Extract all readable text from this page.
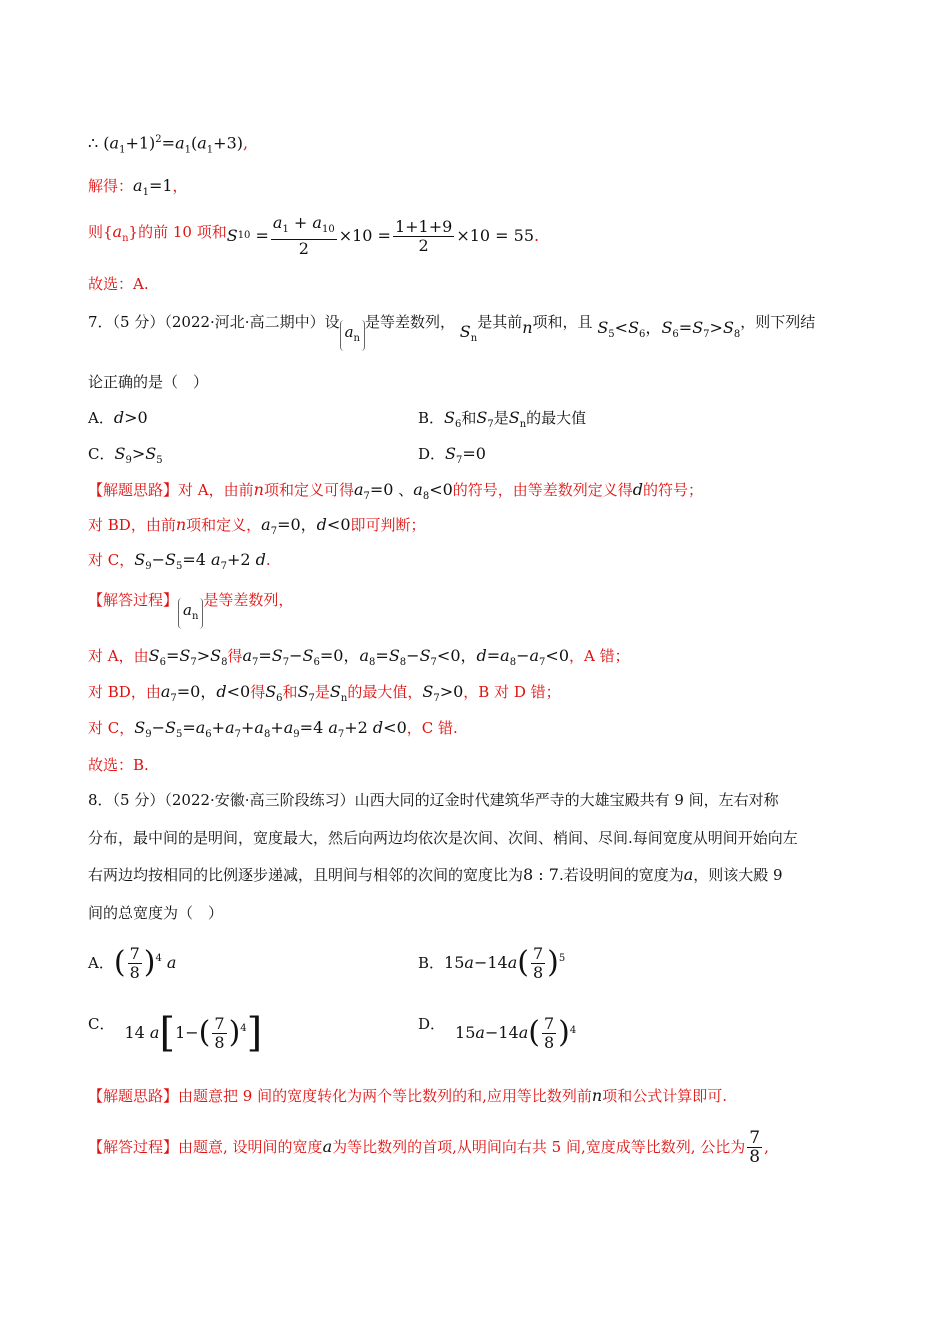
∴ $(a_1+1)^2=a_1(a_1+3)$,
解得：$a_1=1$，
则$\{a_n\}$的前 10 项和 S $10 = \frac{a_1 + a_{10}}{2} \times 10 = \frac{1+1+9}{2} \times 10 = 55$ .
故选：A.
7．（5 分）（2022·河北·高二期中）设$a_n$是等差数列， $S_n$是其前n项和，且 $S_5<S_6$，$S_6=S_7>S_8$，则下列结
论正确的是（　）
A．d>0	B．$S_6$和$S_7$是$S_n$的最大值
C．$S_9>S_5$	D．$S_7=0$
【解题思路】对 A，由前n项和定义可得$a_7=0$ 、$a_8<0$的符号，由等差数列定义得d的符号；
对 BD，由前n项和定义，$a_7=0$，d<0即可判断；
对 C，$S_9-S_5=4$ $a_7+2$ d.
【解答过程】$a_n$是等差数列，
对 A，由$S_6=S_7>S_8$得$a_7=S_7-S_6=0$，$a_8=S_8-S_7<0$，$d=a_8-a_7<0$，A 错；
对 BD，由$a_7=0$，d<0得$S_6$和$S_7$是$S_n$的最大值，$S_7>0$，B 对 D 错；
对 C，$S_9-S_5=a_6+a_7+a_8+a_9=4$ $a_7+2$ d<0，C 错.
故选：B.
8．（5 分）（2022·安徽·高三阶段练习）山西大同的辽金时代建筑华严寺的大雄宝殿共有 9 间，左右对称
分布，最中间的是明间，宽度最大，然后向两边均依次是次间、次间、梢间、尽间.每间宽度从明间开始向左
右两边均按相同的比例逐步递减，且明间与相邻的次间的宽度比为8 : 7.若设明间的宽度为a，则该大殿 9
间的总宽度为（　）
A． ( $\frac{7}{8} )^4$ a	B． 15 a −14 a ( $\frac{7}{8} )^5$
C． 14 a [ 1− ( $\frac{7}{8} )^4$ ]	D． 15 a −14 a ( $\frac{7}{8}$ ) 4
【解题思路】由题意把 9 间的宽度转化为两个等比数列的和,应用等比数列前n项和公式计算即可.
【解答过程】 由题意, 设明间的宽度 a 为等比数列的首项,从明间向右共 5 间,宽度成等比数列, 公比为 $\frac{7}{8}$ ,
